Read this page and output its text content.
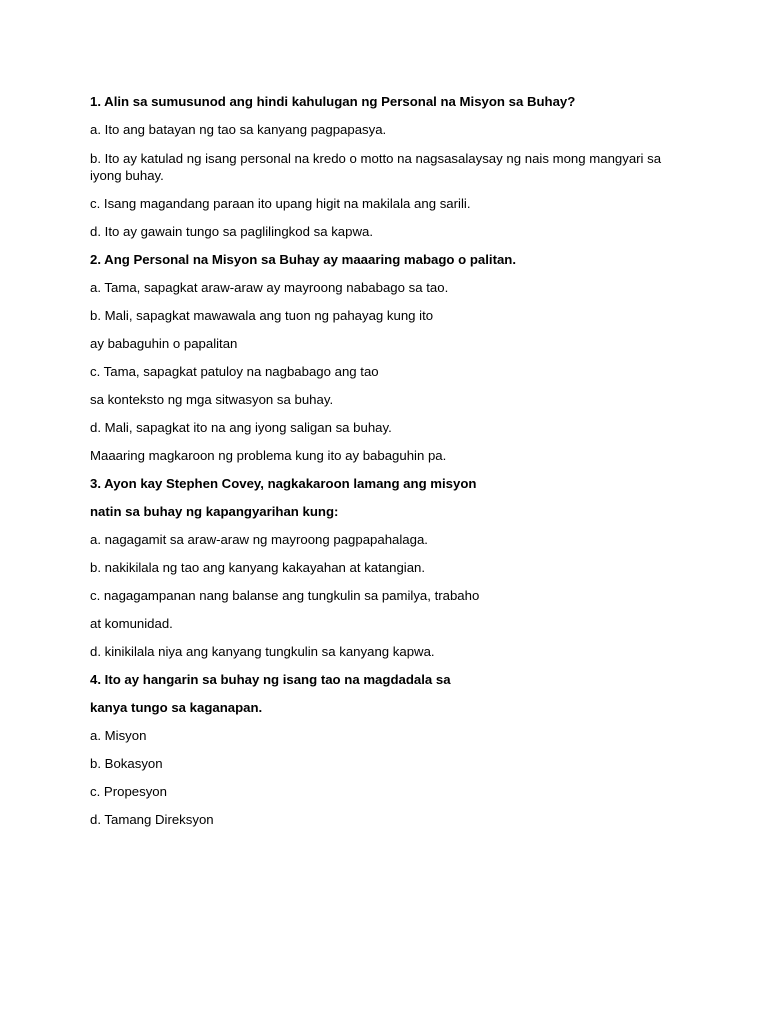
1. Alin sa sumusunod ang hindi kahulugan ng Personal na Misyon sa Buhay?
a. Ito ang batayan ng tao sa kanyang pagpapasya.
b. Ito ay katulad ng isang personal na kredo o motto na nagsasalaysay ng nais mong mangyari sa iyong buhay.
c. Isang magandang paraan ito upang higit na makilala ang sarili.
d. Ito ay gawain tungo sa paglilingkod sa kapwa.
2. Ang Personal na Misyon sa Buhay ay maaaring mabago o palitan.
a. Tama, sapagkat araw-araw ay mayroong nababago sa tao.
b. Mali, sapagkat mawawala ang tuon ng pahayag kung ito
ay babaguhin o papalitan
c. Tama, sapagkat patuloy na nagbabago ang tao
sa konteksto ng mga sitwasyon sa buhay.
d. Mali, sapagkat ito na ang iyong saligan sa buhay.
Maaaring magkaroon ng problema kung ito ay babaguhin pa.
3. Ayon kay Stephen Covey, nagkakaroon lamang ang misyon
natin sa buhay ng kapangyarihan kung:
a. nagagamit sa araw-araw ng mayroong pagpapahalaga.
b. nakikilala ng tao ang kanyang kakayahan at katangian.
c. nagagampanan nang balanse ang tungkulin sa pamilya, trabaho
at komunidad.
d. kinikilala niya ang kanyang tungkulin sa kanyang kapwa.
4. Ito ay hangarin sa buhay ng isang tao na magdadala sa
kanya tungo sa kaganapan.
a. Misyon
b. Bokasyon
c. Propesyon
d. Tamang Direksyon
